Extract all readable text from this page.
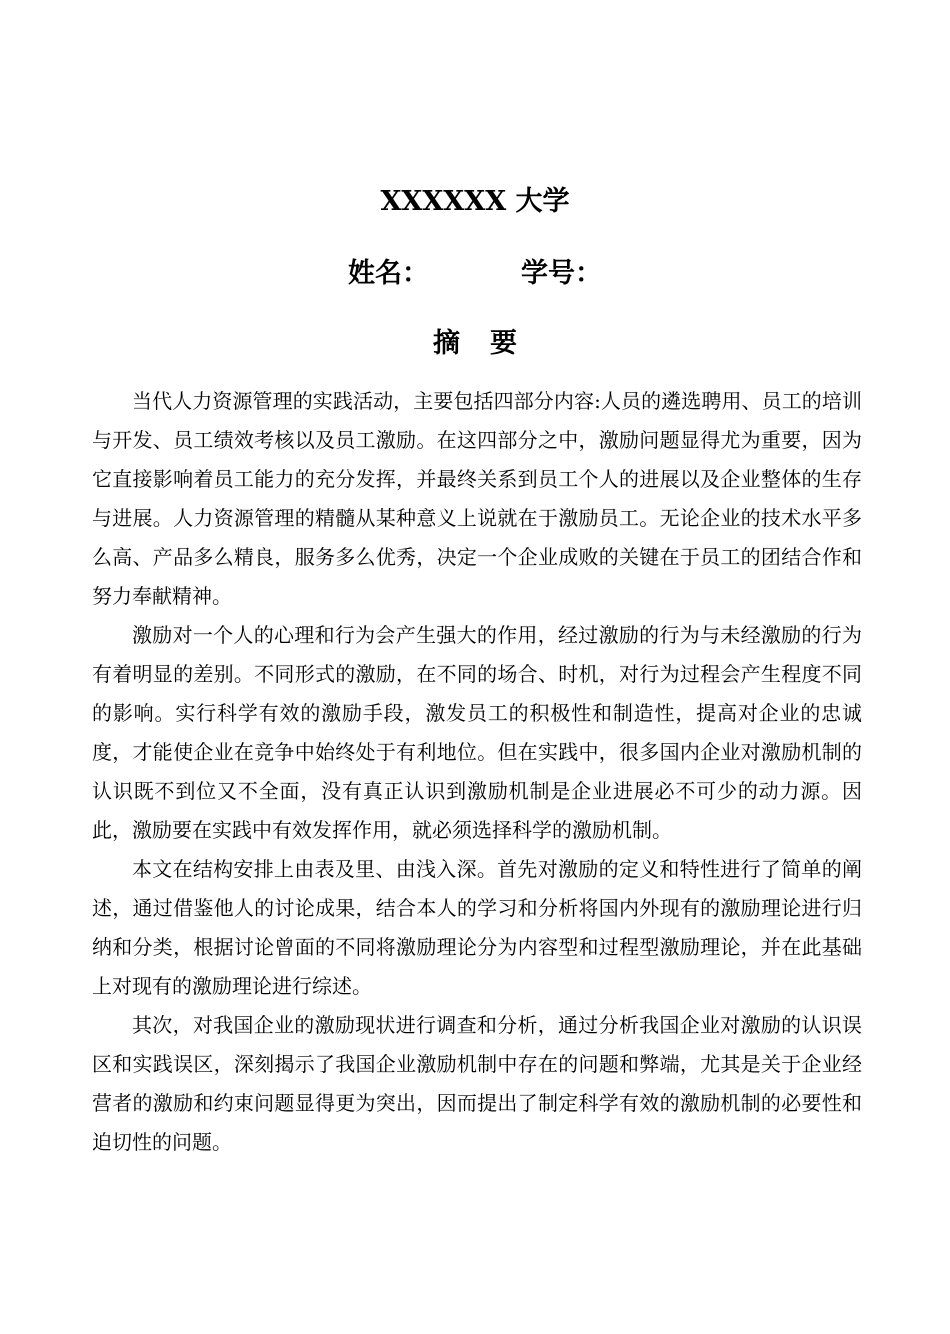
XXXXXX 大学
姓名：	学号：
摘要

当代人力资源管理的实践活动，主要包括四部分内容:人员的遴选聘用、员工的培训与开发、员工绩效考核以及员工激励。在这四部分之中，激励问题显得尤为重要，因为它直接影响着员工能力的充分发挥，并最终关系到员工个人的进展以及企业整体的生存与进展。人力资源管理的精髓从某种意义上说就在于激励员工。无论企业的技术水平多么高、产品多么精良，服务多么优秀，决定一个企业成败的关键在于员工的团结合作和努力奉献精神。

激励对一个人的心理和行为会产生强大的作用，经过激励的行为与未经激励的行为有着明显的差别。不同形式的激励，在不同的场合、时机，对行为过程会产生程度不同的影响。实行科学有效的激励手段，激发员工的积极性和制造性，提高对企业的忠诚度，才能使企业在竞争中始终处于有利地位。但在实践中，很多国内企业对激励机制的认识既不到位又不全面，没有真正认识到激励机制是企业进展必不可少的动力源。因此，激励要在实践中有效发挥作用，就必须选择科学的激励机制。

本文在结构安排上由表及里、由浅入深。首先对激励的定义和特性进行了简单的阐述，通过借鉴他人的讨论成果，结合本人的学习和分析将国内外现有的激励理论进行归纳和分类，根据讨论曾面的不同将激励理论分为内容型和过程型激励理论，并在此基础上对现有的激励理论进行综述。

其次，对我国企业的激励现状进行调查和分析，通过分析我国企业对激励的认识误区和实践误区，深刻揭示了我国企业激励机制中存在的问题和弊端，尤其是关于企业经营者的激励和约束问题显得更为突出，因而提出了制定科学有效的激励机制的必要性和迫切性的问题。
